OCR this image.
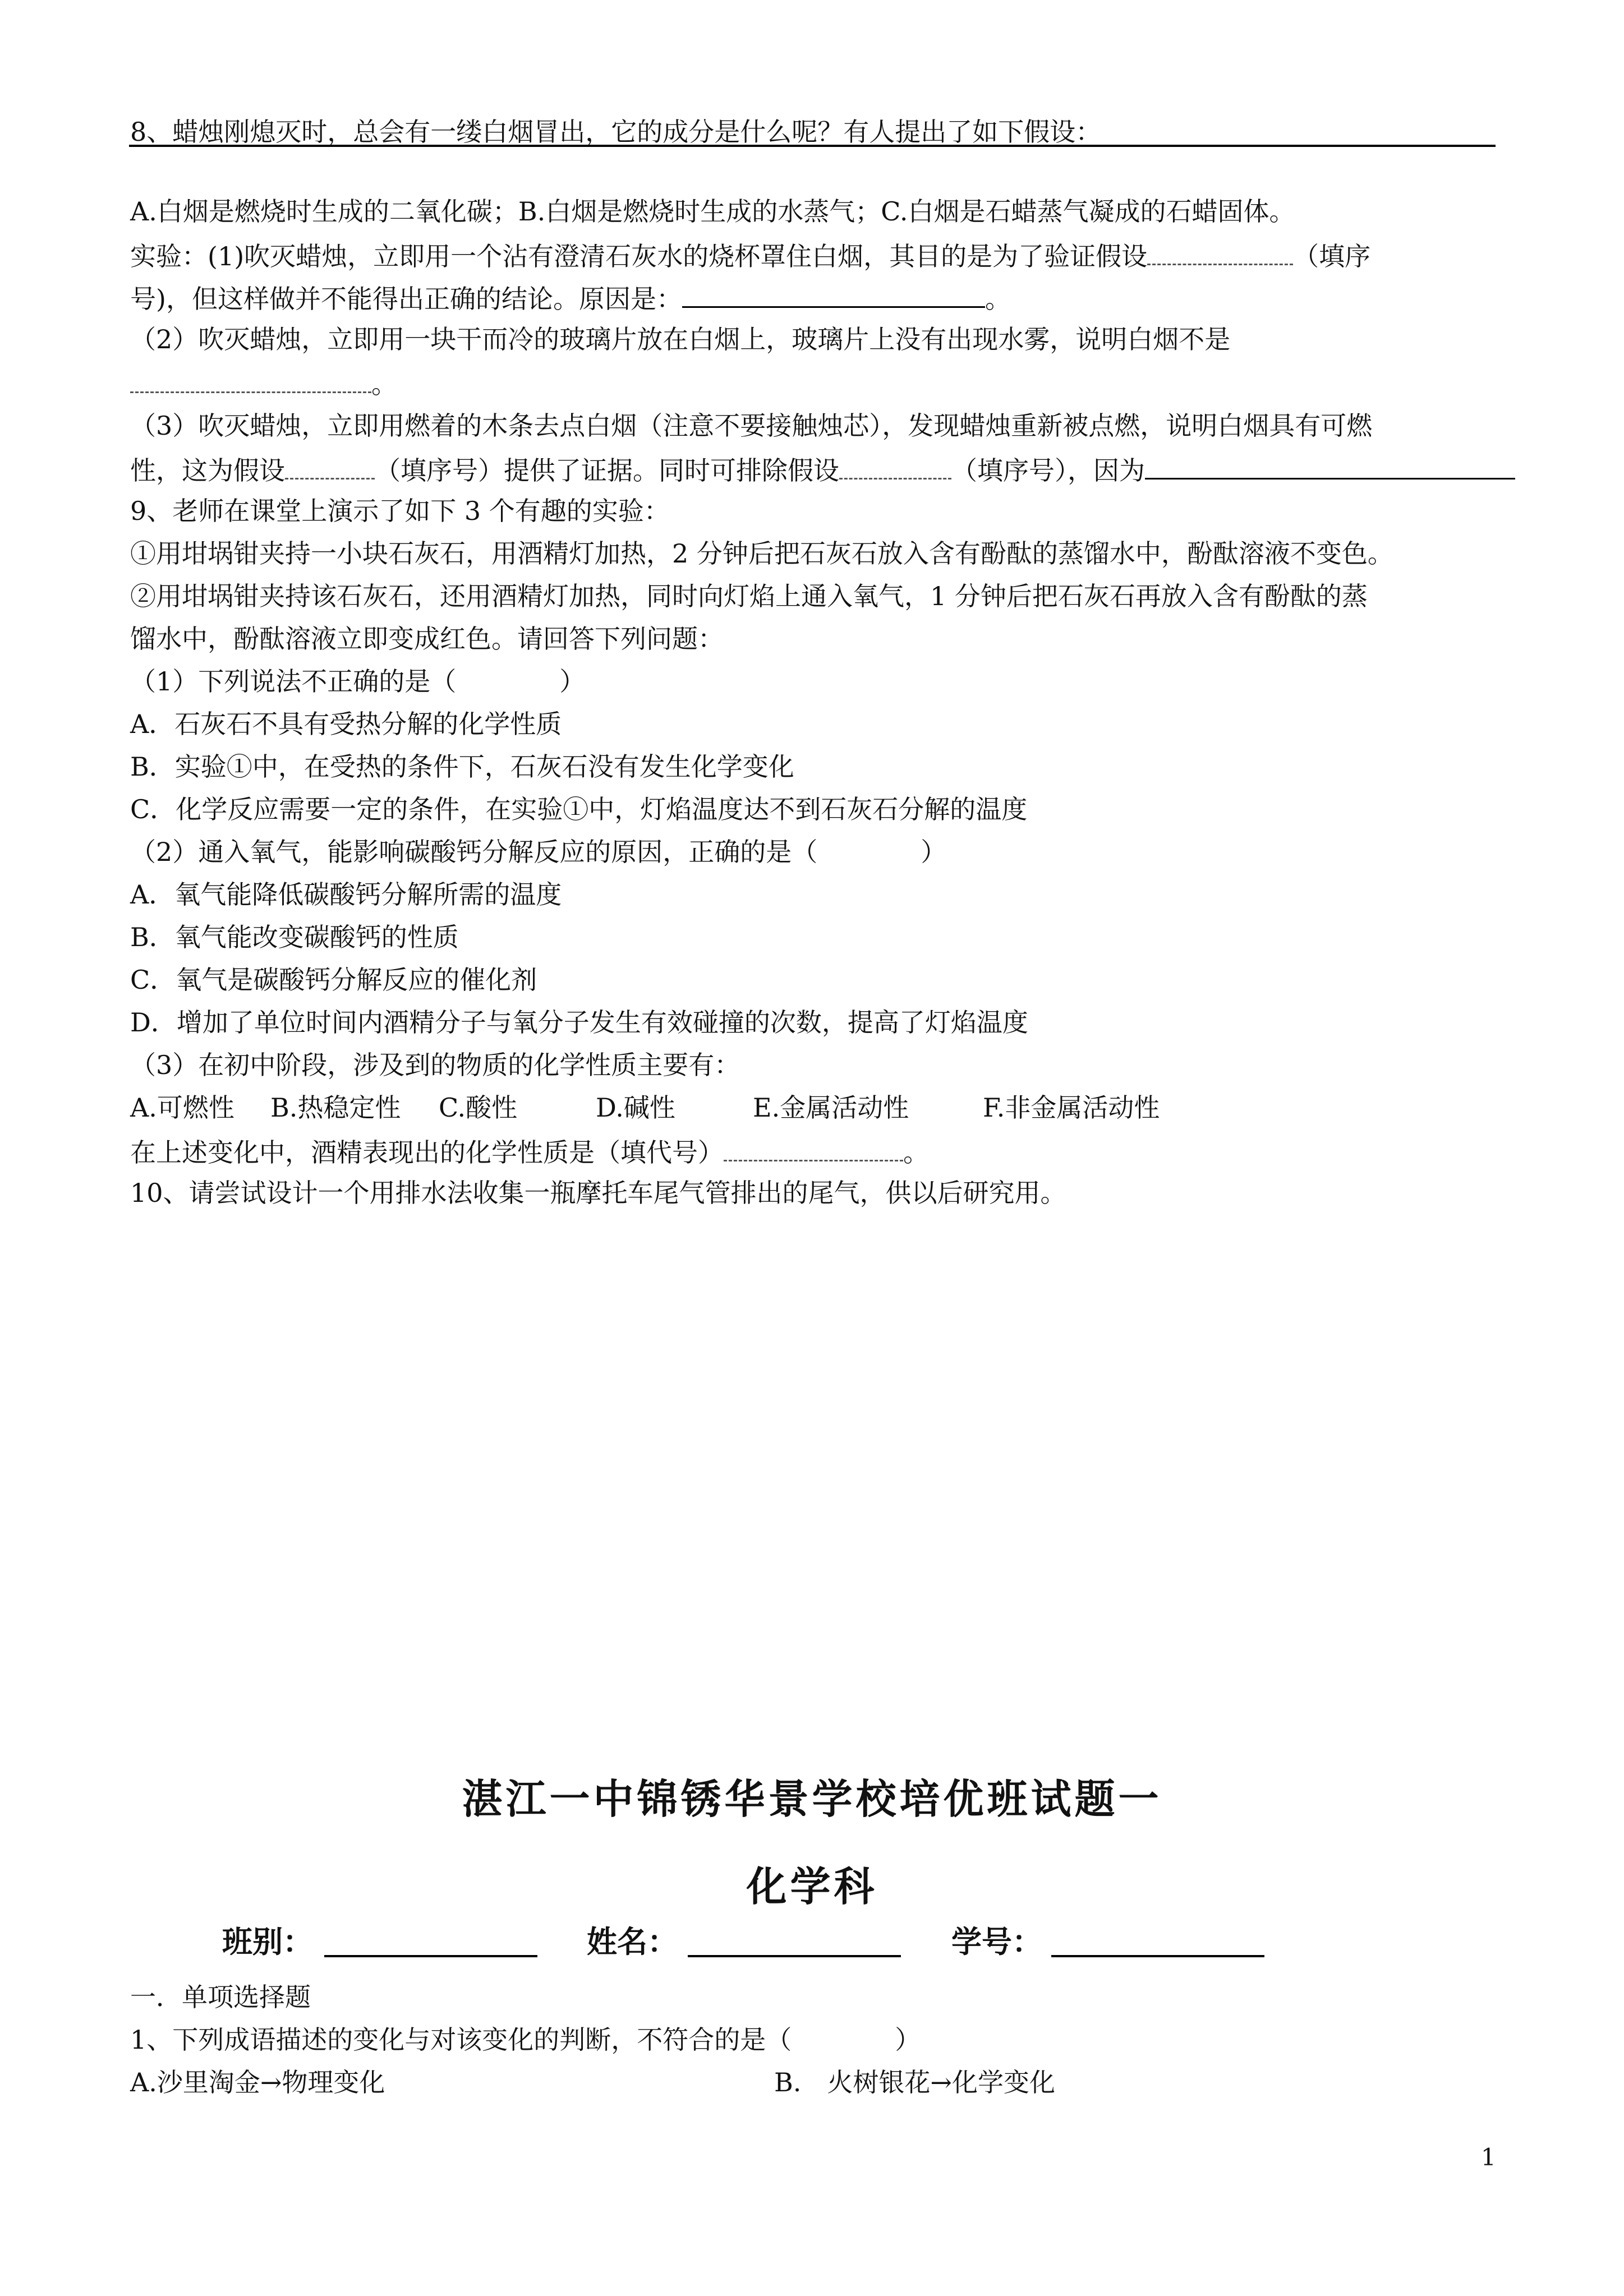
8、蜡烛刚熄灭时，总会有一缕白烟冒出，它的成分是什么呢？有人提出了如下假设：
A.白烟是燃烧时生成的二氧化碳；B.白烟是燃烧时生成的水蒸气；C.白烟是石蜡蒸气凝成的石蜡固体。
实验：(1)吹灭蜡烛，立即用一个沾有澄清石灰水的烧杯罩住白烟，其目的是为了验证假设	（填序
号)，但这样做并不能得出正确的结论。原因是：	。
（2）吹灭蜡烛，立即用一块干而冷的玻璃片放在白烟上，玻璃片上没有出现水雾，说明白烟不是
。
（3）吹灭蜡烛，立即用燃着的木条去点白烟（注意不要接触烛芯），发现蜡烛重新被点燃，说明白烟具有可燃
性，这为假设	（填序号）提供了证据。同时可排除假设	（填序号），因为
9、老师在课堂上演示了如下 3 个有趣的实验：
①用坩埚钳夹持一小块石灰石，用酒精灯加热，2 分钟后把石灰石放入含有酚酞的蒸馏水中，酚酞溶液不变色。
②用坩埚钳夹持该石灰石，还用酒精灯加热，同时向灯焰上通入氧气，1 分钟后把石灰石再放入含有酚酞的蒸
馏水中，酚酞溶液立即变成红色。请回答下列问题：
（1）下列说法不正确的是（　　　　）
A．石灰石不具有受热分解的化学性质
B．实验①中，在受热的条件下，石灰石没有发生化学变化
C．化学反应需要一定的条件，在实验①中，灯焰温度达不到石灰石分解的温度
（2）通入氧气，能影响碳酸钙分解反应的原因，正确的是（　　　　）
A．氧气能降低碳酸钙分解所需的温度
B．氧气能改变碳酸钙的性质
C．氧气是碳酸钙分解反应的催化剂
D．增加了单位时间内酒精分子与氧分子发生有效碰撞的次数，提高了灯焰温度
（3）在初中阶段，涉及到的物质的化学性质主要有：
A.可燃性 B.热稳定性 C.酸性	D.碱性	E.金属活动性	F.非金属活动性
在上述变化中，酒精表现出的化学性质是（填代号）	。
10、请尝试设计一个用排水法收集一瓶摩托车尾气管排出的尾气，供以后研究用。
湛江一中锦锈华景学校培优班试题一
化学科
班别：	姓名：	学号：
一．单项选择题
1、下列成语描述的变化与对该变化的判断，不符合的是（　　　　）
A.沙里淘金→物理变化	B.　火树银花→化学变化
1
